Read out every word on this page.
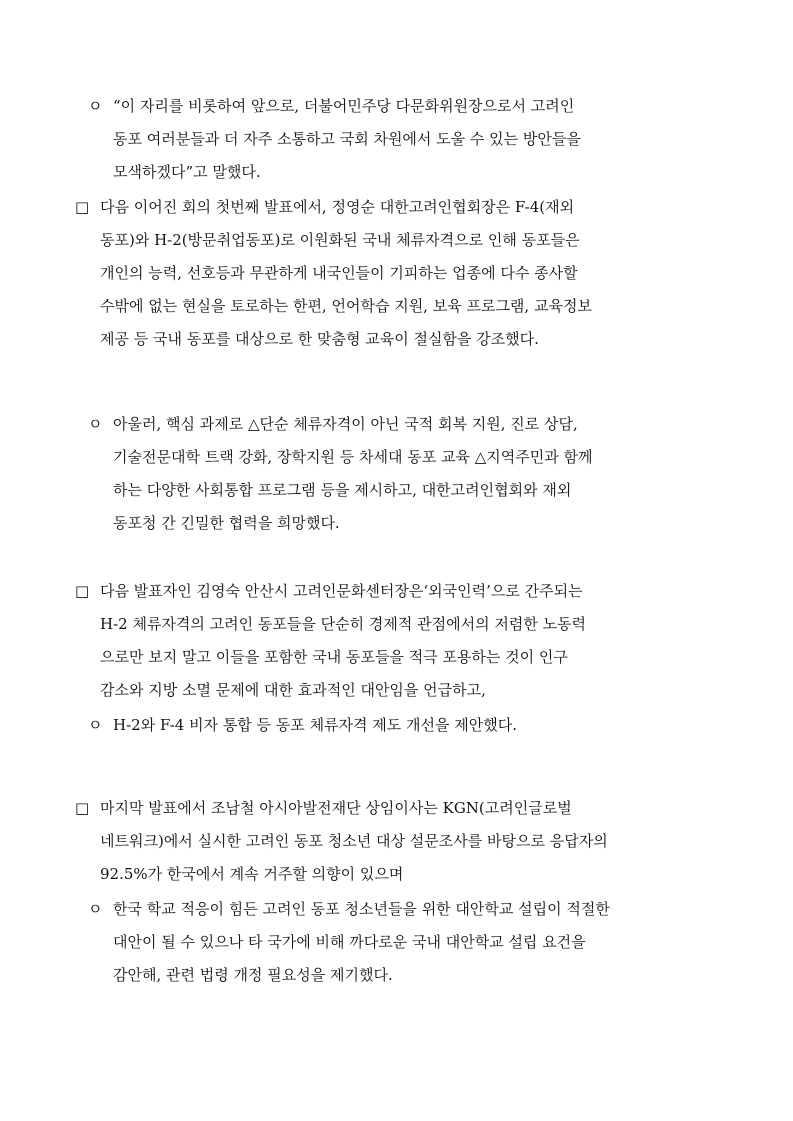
ㅇ “이 자리를 비롯하여 앞으로, 더불어민주당 다문화위원장으로서 고려인
동포 여러분들과 더 자주 소통하고 국회 차원에서 도울 수 있는 방안들을
모색하겠다”고 말했다.
□ 다음 이어진 회의 첫번째 발표에서, 정영순 대한고려인협회장은 F-4(재외
동포)와 H-2(방문취업동포)로 이원화된 국내 체류자격으로 인해 동포들은
개인의 능력, 선호등과 무관하게 내국인들이 기피하는 업종에 다수 종사할
수밖에 없는 현실을 토로하는 한편, 언어학습 지원, 보육 프로그램, 교육정보
제공 등 국내 동포를 대상으로 한 맞춤형 교육이 절실함을 강조했다.
ㅇ 아울러, 핵심 과제로 △단순 체류자격이 아닌 국적 회복 지원, 진로 상담,
기술전문대학 트랙 강화, 장학지원 등 차세대 동포 교육 △지역주민과 함께
하는 다양한 사회통합 프로그램 등을 제시하고, 대한고려인협회와 재외
동포청 간 긴밀한 협력을 희망했다.
□ 다음 발표자인 김영숙 안산시 고려인문화센터장은‘외국인력’으로 간주되는
H-2 체류자격의 고려인 동포들을 단순히 경제적 관점에서의 저렴한 노동력
으로만 보지 말고 이들을 포함한 국내 동포들을 적극 포용하는 것이 인구
감소와 지방 소멸 문제에 대한 효과적인 대안임을 언급하고,
ㅇ H-2와 F-4 비자 통합 등 동포 체류자격 제도 개선을 제안했다.
□ 마지막 발표에서 조남철 아시아발전재단 상임이사는 KGN(고려인글로벌
네트워크)에서 실시한 고려인 동포 청소년 대상 설문조사를 바탕으로 응답자의
92.5%가 한국에서 계속 거주할 의향이 있으며
ㅇ 한국 학교 적응이 힘든 고려인 동포 청소년들을 위한 대안학교 설립이 적절한
대안이 될 수 있으나 타 국가에 비해 까다로운 국내 대안학교 설립 요건을
감안해, 관련 법령 개정 필요성을 제기했다.
